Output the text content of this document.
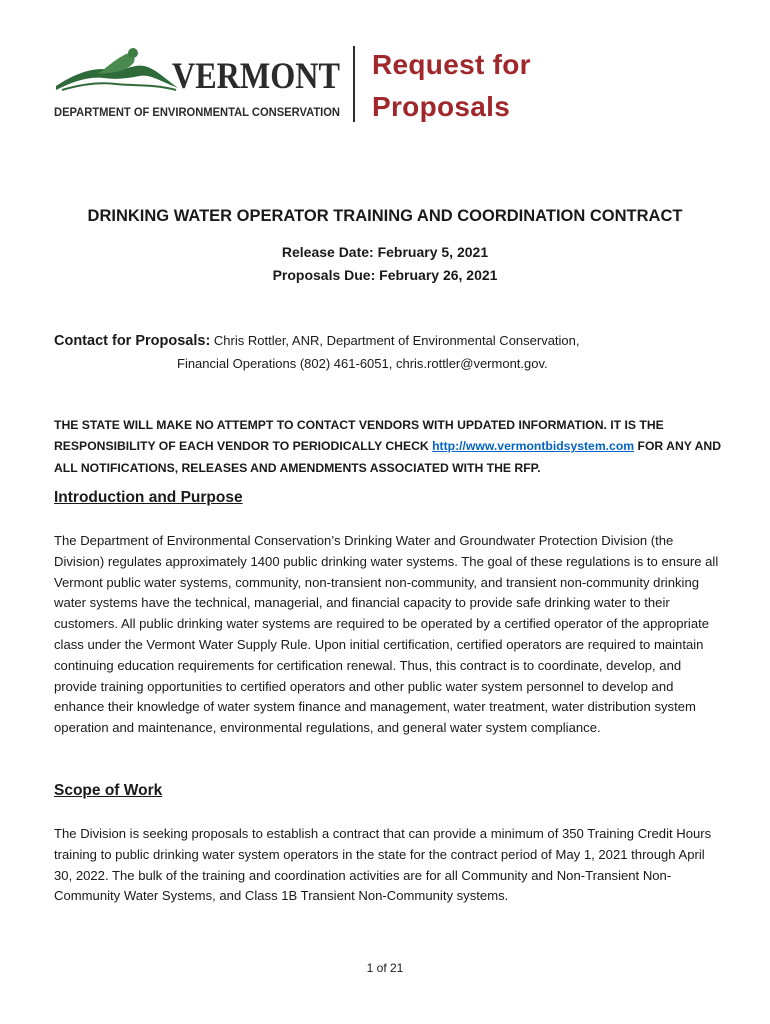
VERMONT
DEPARTMENT OF ENVIRONMENTAL CONSERVATION
Request for
Proposals
DRINKING WATER OPERATOR TRAINING AND COORDINATION CONTRACT
Release Date: February 5, 2021
Proposals Due: February 26, 2021
Contact for Proposals: Chris Rottler, ANR, Department of Environmental Conservation,
Financial Operations (802) 461-6051, chris.rottler@vermont.gov.
THE STATE WILL MAKE NO ATTEMPT TO CONTACT VENDORS WITH UPDATED INFORMATION. IT IS THE RESPONSIBILITY OF EACH VENDOR TO PERIODICALLY CHECK http://www.vermontbidsystem.com FOR ANY AND ALL NOTIFICATIONS, RELEASES AND AMENDMENTS ASSOCIATED WITH THE RFP.
Introduction and Purpose
The Department of Environmental Conservation’s Drinking Water and Groundwater Protection Division (the Division) regulates approximately 1400 public drinking water systems. The goal of these regulations is to ensure all Vermont public water systems, community, non-transient non-community, and transient non-community drinking water systems have the technical, managerial, and financial capacity to provide safe drinking water to their customers. All public drinking water systems are required to be operated by a certified operator of the appropriate class under the Vermont Water Supply Rule. Upon initial certification, certified operators are required to maintain continuing education requirements for certification renewal. Thus, this contract is to coordinate, develop, and provide training opportunities to certified operators and other public water system personnel to develop and enhance their knowledge of water system finance and management, water treatment, water distribution system operation and maintenance, environmental regulations, and general water system compliance.
Scope of Work
The Division is seeking proposals to establish a contract that can provide a minimum of 350 Training Credit Hours training to public drinking water system operators in the state for the contract period of May 1, 2021 through April 30, 2022. The bulk of the training and coordination activities are for all Community and Non-Transient Non-Community Water Systems, and Class 1B Transient Non-Community systems.
1 of 21
